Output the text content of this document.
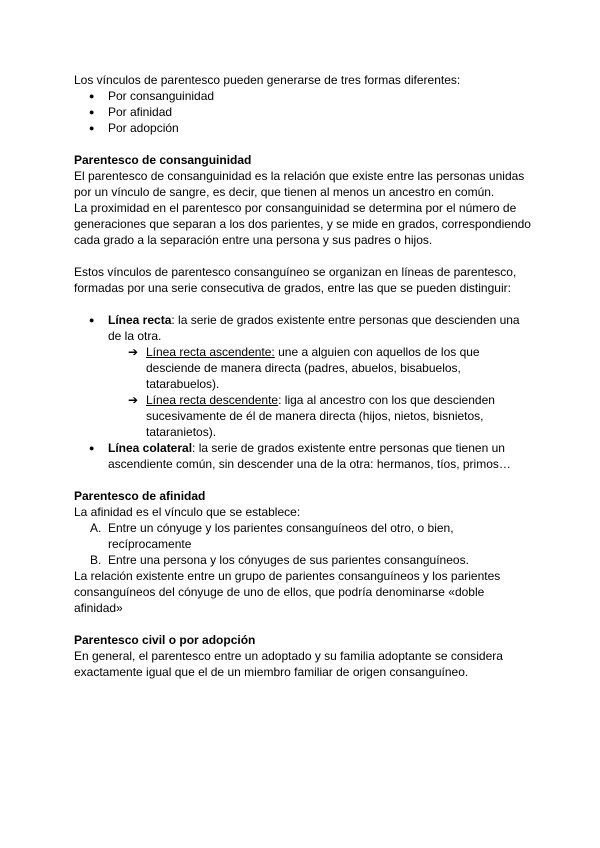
Los vínculos de parentesco pueden generarse de tres formas diferentes:

● Por consanguinidad
● Por afinidad
● Por adopción

Parentesco de consanguinidad

El parentesco de consanguinidad es la relación que existe entre las personas unidas por un vínculo de sangre, es decir, que tienen al menos un ancestro en común.

La proximidad en el parentesco por consanguinidad se determina por el número de generaciones que separan a los dos parientes, y se mide en grados, correspondiendo cada grado a la separación entre una persona y sus padres o hijos.

Estos vínculos de parentesco consanguíneo se organizan en líneas de parentesco, formadas por una serie consecutiva de grados, entre las que se pueden distinguir:

● Línea recta: la serie de grados existente entre personas que descienden una de la otra.
➔ Línea recta ascendente: une a alguien con aquellos de los que desciende de manera directa (padres, abuelos, bisabuelos, tatarabuelos).
➔ Línea recta descendente: liga al ancestro con los que descienden sucesivamente de él de manera directa (hijos, nietos, bisnietos, tataranietos).
● Línea colateral: la serie de grados existente entre personas que tienen un ascendiente común, sin descender una de la otra: hermanos, tíos, primos…

Parentesco de afinidad

La afinidad es el vínculo que se establece:

A. Entre un cónyuge y los parientes consanguíneos del otro, o bien, recíprocamente
B. Entre una persona y los cónyuges de sus parientes consanguíneos.

La relación existente entre un grupo de parientes consanguíneos y los parientes consanguíneos del cónyuge de uno de ellos, que podría denominarse «doble afinidad»

Parentesco civil o por adopción

En general, el parentesco entre un adoptado y su familia adoptante se considera exactamente igual que el de un miembro familiar de origen consanguíneo.
